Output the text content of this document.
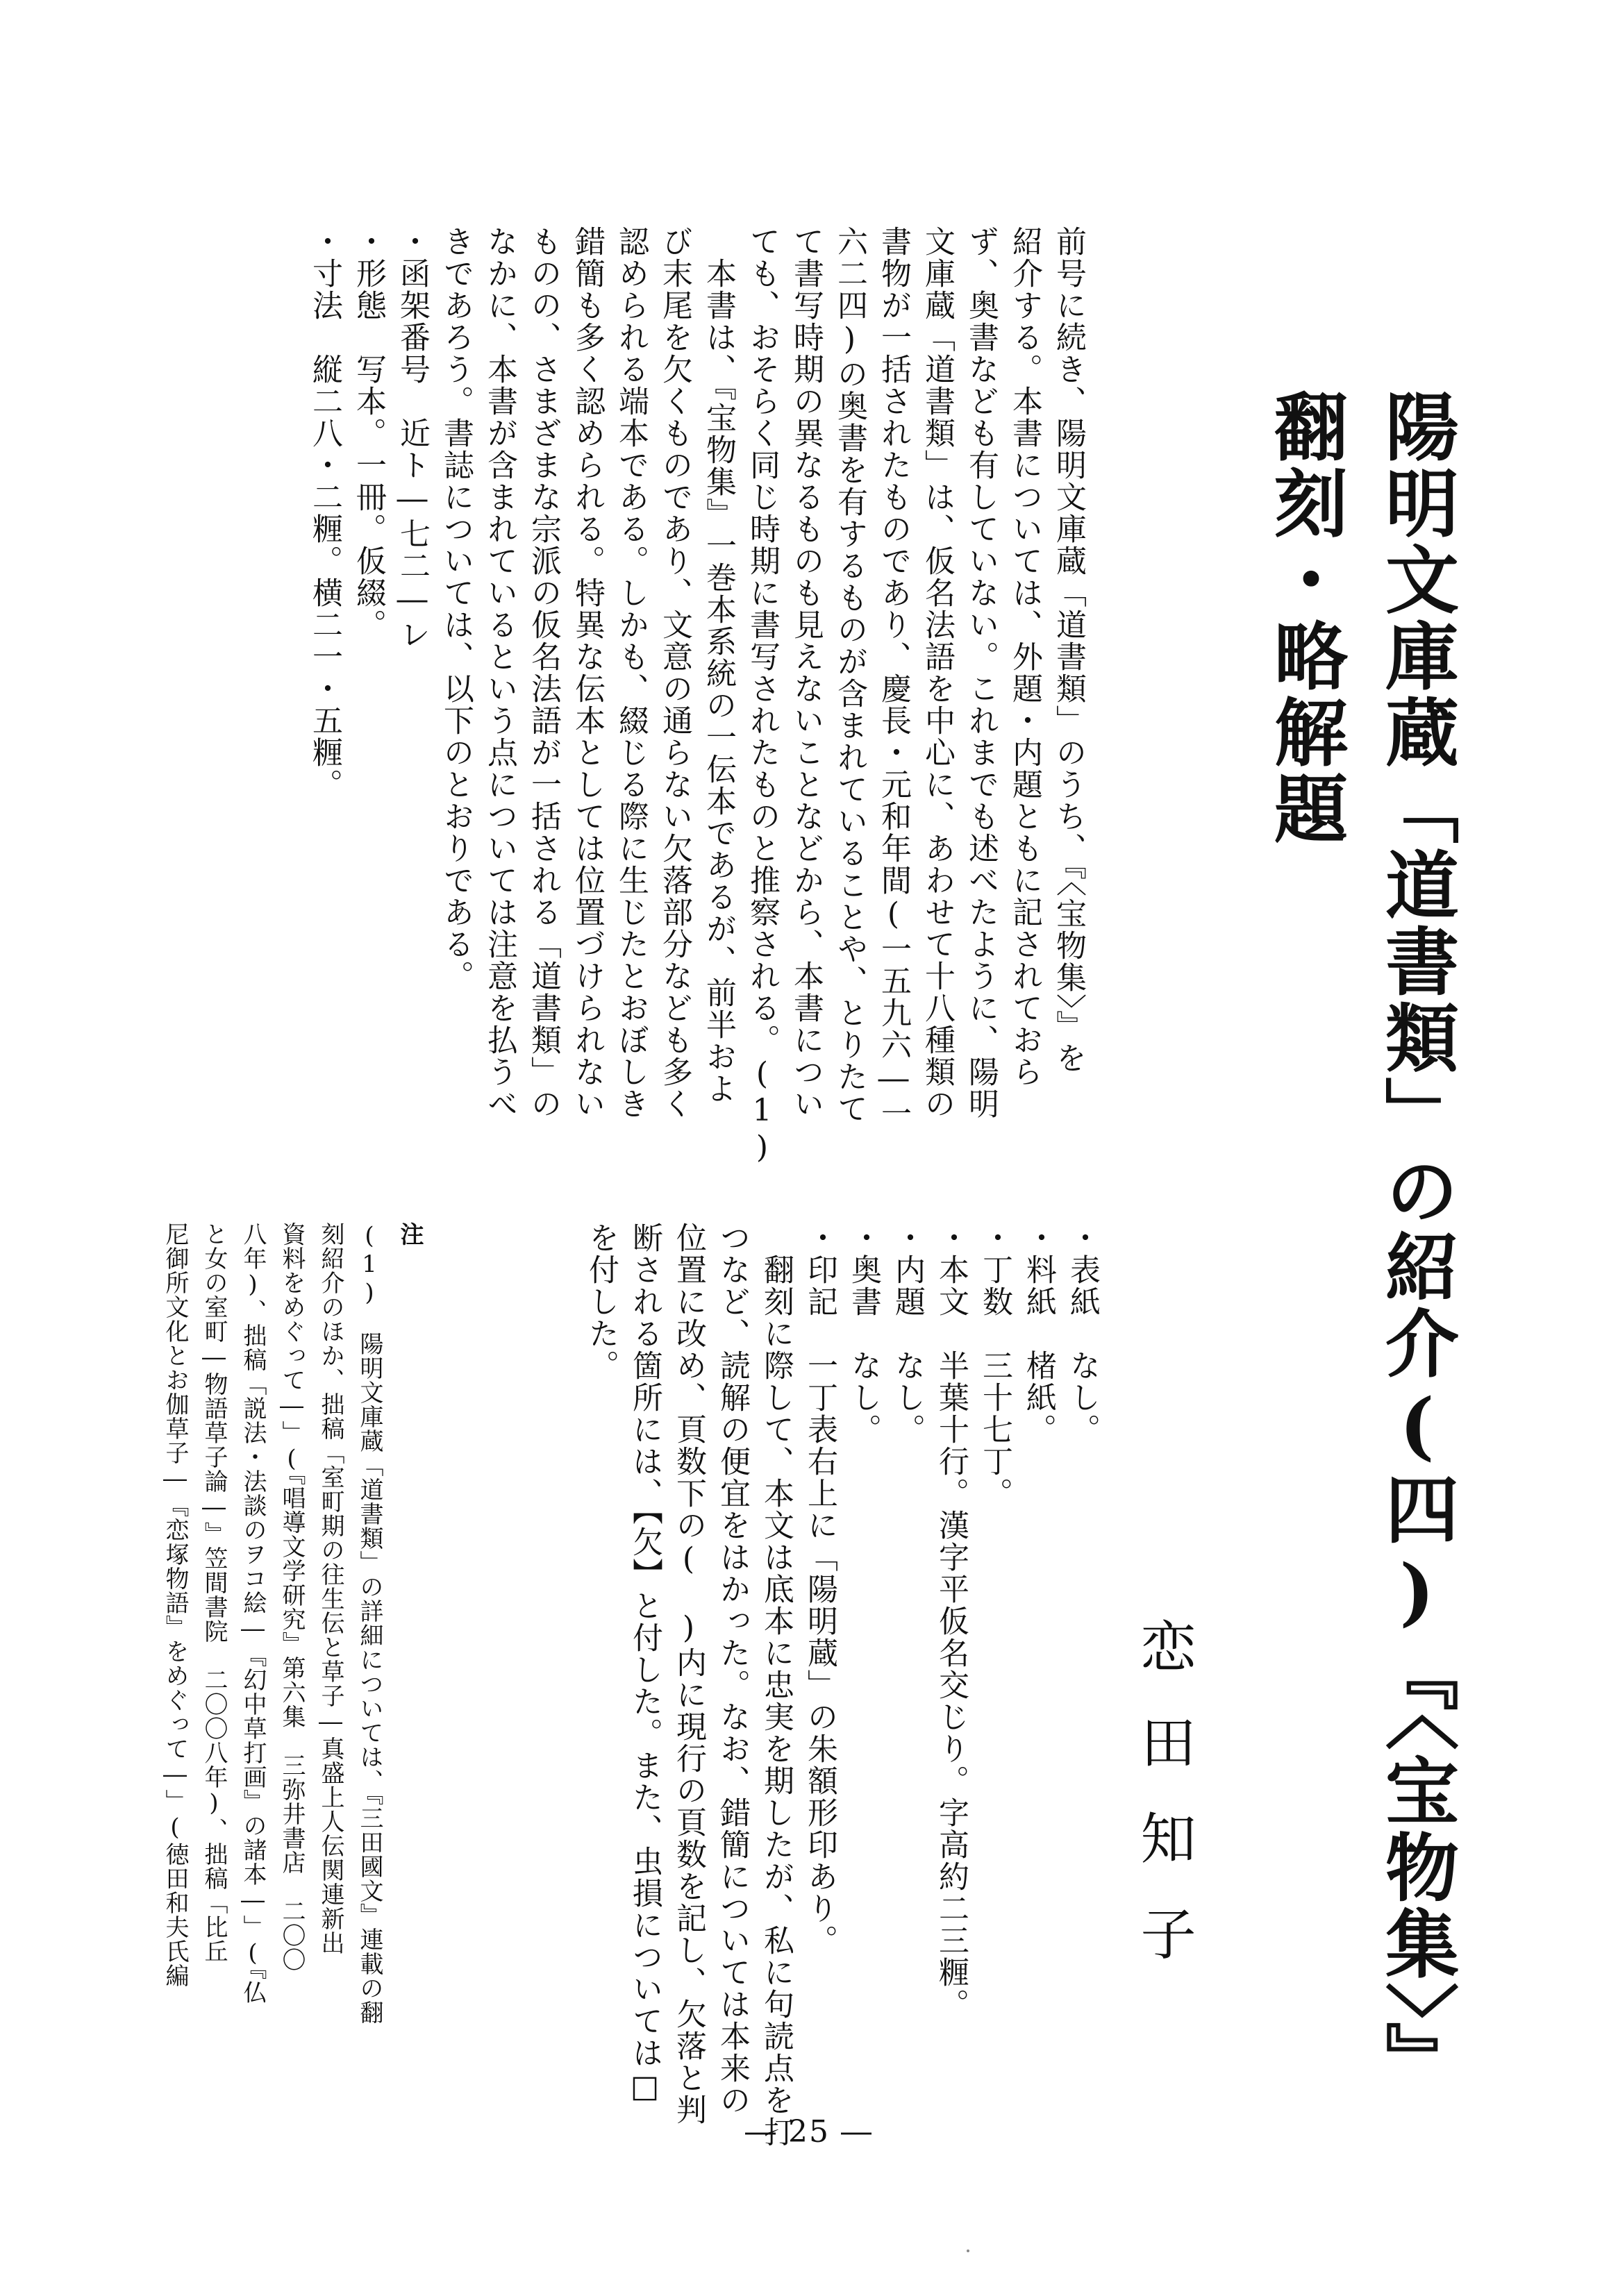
陽明文庫蔵「道書類」の紹介(四)『〈宝物集〉』
翻刻・略解題
恋田知子
前号に続き、陽明文庫蔵「道書類」のうち、『〈宝物集〉』を
紹介する。本書については、外題・内題ともに記されておら
ず、奥書なども有していない。これまでも述べたように、陽明
文庫蔵「道書類」は、仮名法語を中心に、あわせて十八種類の
書物が一括されたものであり、慶長・元和年間(一五九六―一
六二四)の奥書を有するものが含まれていることや、とりたて
て書写時期の異なるものも見えないことなどから、本書につい
ても、おそらく同じ時期に書写されたものと推察される。(1)
　本書は、『宝物集』一巻本系統の一伝本であるが、前半およ
び末尾を欠くものであり、文意の通らない欠落部分なども多く
認められる端本である。しかも、綴じる際に生じたとおぼしき
錯簡も多く認められる。特異な伝本としては位置づけられない
ものの、さまざまな宗派の仮名法語が一括される「道書類」の
なかに、本書が含まれているという点については注意を払うべ
きであろう。書誌については、以下のとおりである。
・函架番号　近ト―七二―レ
・形態　写本。一冊。仮綴。
・寸法　縦二八・二糎。横二一・五糎。
・表紙　なし。
・料紙　楮紙。
・丁数　三十七丁。
・本文　半葉十行。漢字平仮名交じり。字高約二三糎。
・内題　なし。
・奥書　なし。
・印記　一丁表右上に「陽明蔵」の朱額形印あり。
　翻刻に際して、本文は底本に忠実を期したが、私に句読点を打
つなど、読解の便宜をはかった。なお、錯簡については本来の
位置に改め、頁数下の(　)内に現行の頁数を記し、欠落と判
断される箇所には、【欠】と付した。また、虫損については□
を付した。
注
(1)　陽明文庫蔵「道書類」の詳細については、『三田國文』連載の翻
刻紹介のほか、拙稿「室町期の往生伝と草子―真盛上人伝関連新出
資料をめぐって―」(『唱導文学研究』第六集　三弥井書店　二〇〇
八年)、拙稿「説法・法談のヲコ絵―『幻中草打画』の諸本―」(『仏
と女の室町―物語草子論―』笠間書院　二〇〇八年)、拙稿「比丘
尼御所文化とお伽草子―『恋塚物語』をめぐって―」(徳田和夫氏編
― 25 ―
